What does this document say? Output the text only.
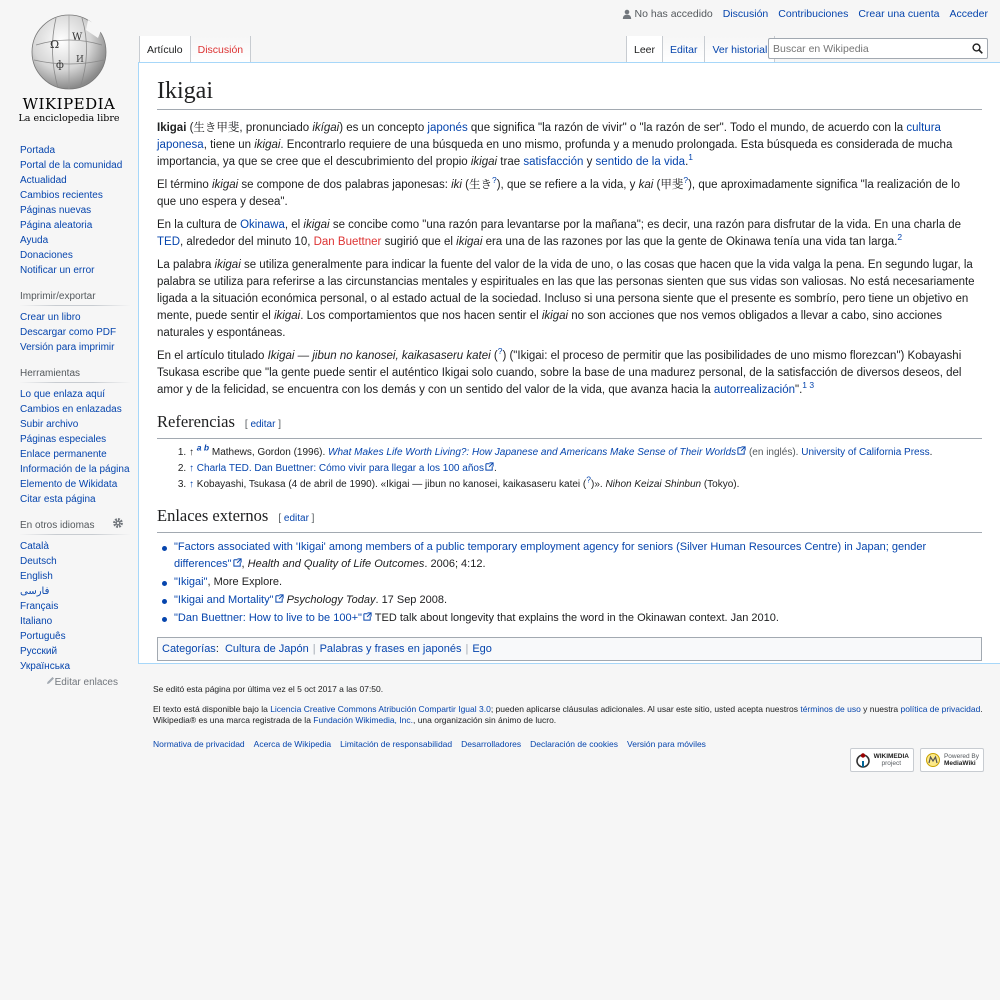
Ω
W
ф И
WIKIPEDIA
La enciclopedia libre
No has accedido Discusión Contribuciones Crear una cuenta Acceder
Artículo	Discusión	Leer	Editar	Ver historial
Buscar en Wikipedia
Portada
Portal de la comunidad
Actualidad
Cambios recientes
Páginas nuevas
Página aleatoria
Ayuda
Donaciones
Notificar un error
Imprimir/exportar
Crear un libro
Descargar como PDF
Versión para imprimir
Herramientas
Lo que enlaza aquí
Cambios en enlazadas
Subir archivo
Páginas especiales
Enlace permanente
Información de la página
Elemento de Wikidata
Citar esta página
En otros idiomas
Català
Deutsch
English
فارسی
Français
Italiano
Português
Русский
Українська
Editar enlaces
Ikigai

Ikigai (生き甲斐, pronunciado ikígai) es un concepto japonés que significa "la razón de vivir" o "la razón de ser". Todo el mundo, de acuerdo con la cultura japonesa, tiene un ikigai. Encontrarlo requiere de una búsqueda en uno mismo, profunda y a menudo prolongada. Esta búsqueda es considerada de mucha importancia, ya que se cree que el descubrimiento del propio ikigai trae satisfacción y sentido de la vida.$^1$

El término ikigai se compone de dos palabras japonesas: iki (生き?), que se refiere a la vida, y kai (甲斐?), que aproximadamente significa "la realización de lo que uno espera y desea".

En la cultura de Okinawa, el ikigai se concibe como "una razón para levantarse por la mañana"; es decir, una razón para disfrutar de la vida. En una charla de TED, alrededor del minuto 10, Dan Buettner sugirió que el ikigai era una de las razones por las que la gente de Okinawa tenía una vida tan larga.$^2$

La palabra ikigai se utiliza generalmente para indicar la fuente del valor de la vida de uno, o las cosas que hacen que la vida valga la pena. En segundo lugar, la palabra se utiliza para referirse a las circunstancias mentales y espirituales en las que las personas sienten que sus vidas son valiosas. No está necesariamente ligada a la situación económica personal, o al estado actual de la sociedad. Incluso si una persona siente que el presente es sombrío, pero tiene un objetivo en mente, puede sentir el ikigai. Los comportamientos que nos hacen sentir el ikigai no son acciones que nos vemos obligados a llevar a cabo, sino acciones naturales y espontáneas.

En el artículo titulado Ikigai — jibun no kanosei, kaikasaseru katei (?) ("Ikigai: el proceso de permitir que las posibilidades de uno mismo florezcan") Kobayashi Tsukasa escribe que "la gente puede sentir el auténtico Ikigai solo cuando, sobre la base de una madurez personal, de la satisfacción de diversos deseos, del amor y de la felicidad, se encuentra con los demás y con un sentido del valor de la vida, que avanza hacia la autorrealización".$^{1 3}$

Referencias [ editar ]
1. ↑ $^{a b}$ Mathews, Gordon (1996). What Makes Life Worth Living?: How Japanese and Americans Make Sense of Their Worlds (en inglés). University of California Press.
2. ↑ Charla TED. Dan Buettner: Cómo vivir para llegar a los 100 años .
3. ↑ Kobayashi, Tsukasa (4 de abril de 1990). «Ikigai — jibun no kanosei, kaikasaseru katei (?)». Nihon Keizai Shinbun (Tokyo).
Enlaces externos [ editar ]
"Factors associated with 'Ikigai' among members of a public temporary employment agency for seniors (Silver Human Resources Centre) in Japan; gender differences" , Health and Quality of Life Outcomes. 2006; 4:12.
"Ikigai", More Explore.
"Ikigai and Mortality" Psychology Today. 17 Sep 2008.
"Dan Buettner: How to live to be 100+" TED talk about longevity that explains the word in the Okinawan context. Jan 2010.
Categorías: Cultura de Japón | Palabras y frases en japonés | Ego

Se editó esta página por última vez el 5 oct 2017 a las 07:50.

El texto está disponible bajo la Licencia Creative Commons Atribución Compartir Igual 3.0; pueden aplicarse cláusulas adicionales. Al usar este sitio, usted acepta nuestros términos de uso y nuestra política de privacidad.

Wikipedia® es una marca registrada de la Fundación Wikimedia, Inc., una organización sin ánimo de lucro.

Normativa de privacidad Acerca de Wikipedia Limitación de responsabilidad Desarrolladores Declaración de cookies Versión para móviles
WIKIMEDIA
project
Powered By
MediaWiki
